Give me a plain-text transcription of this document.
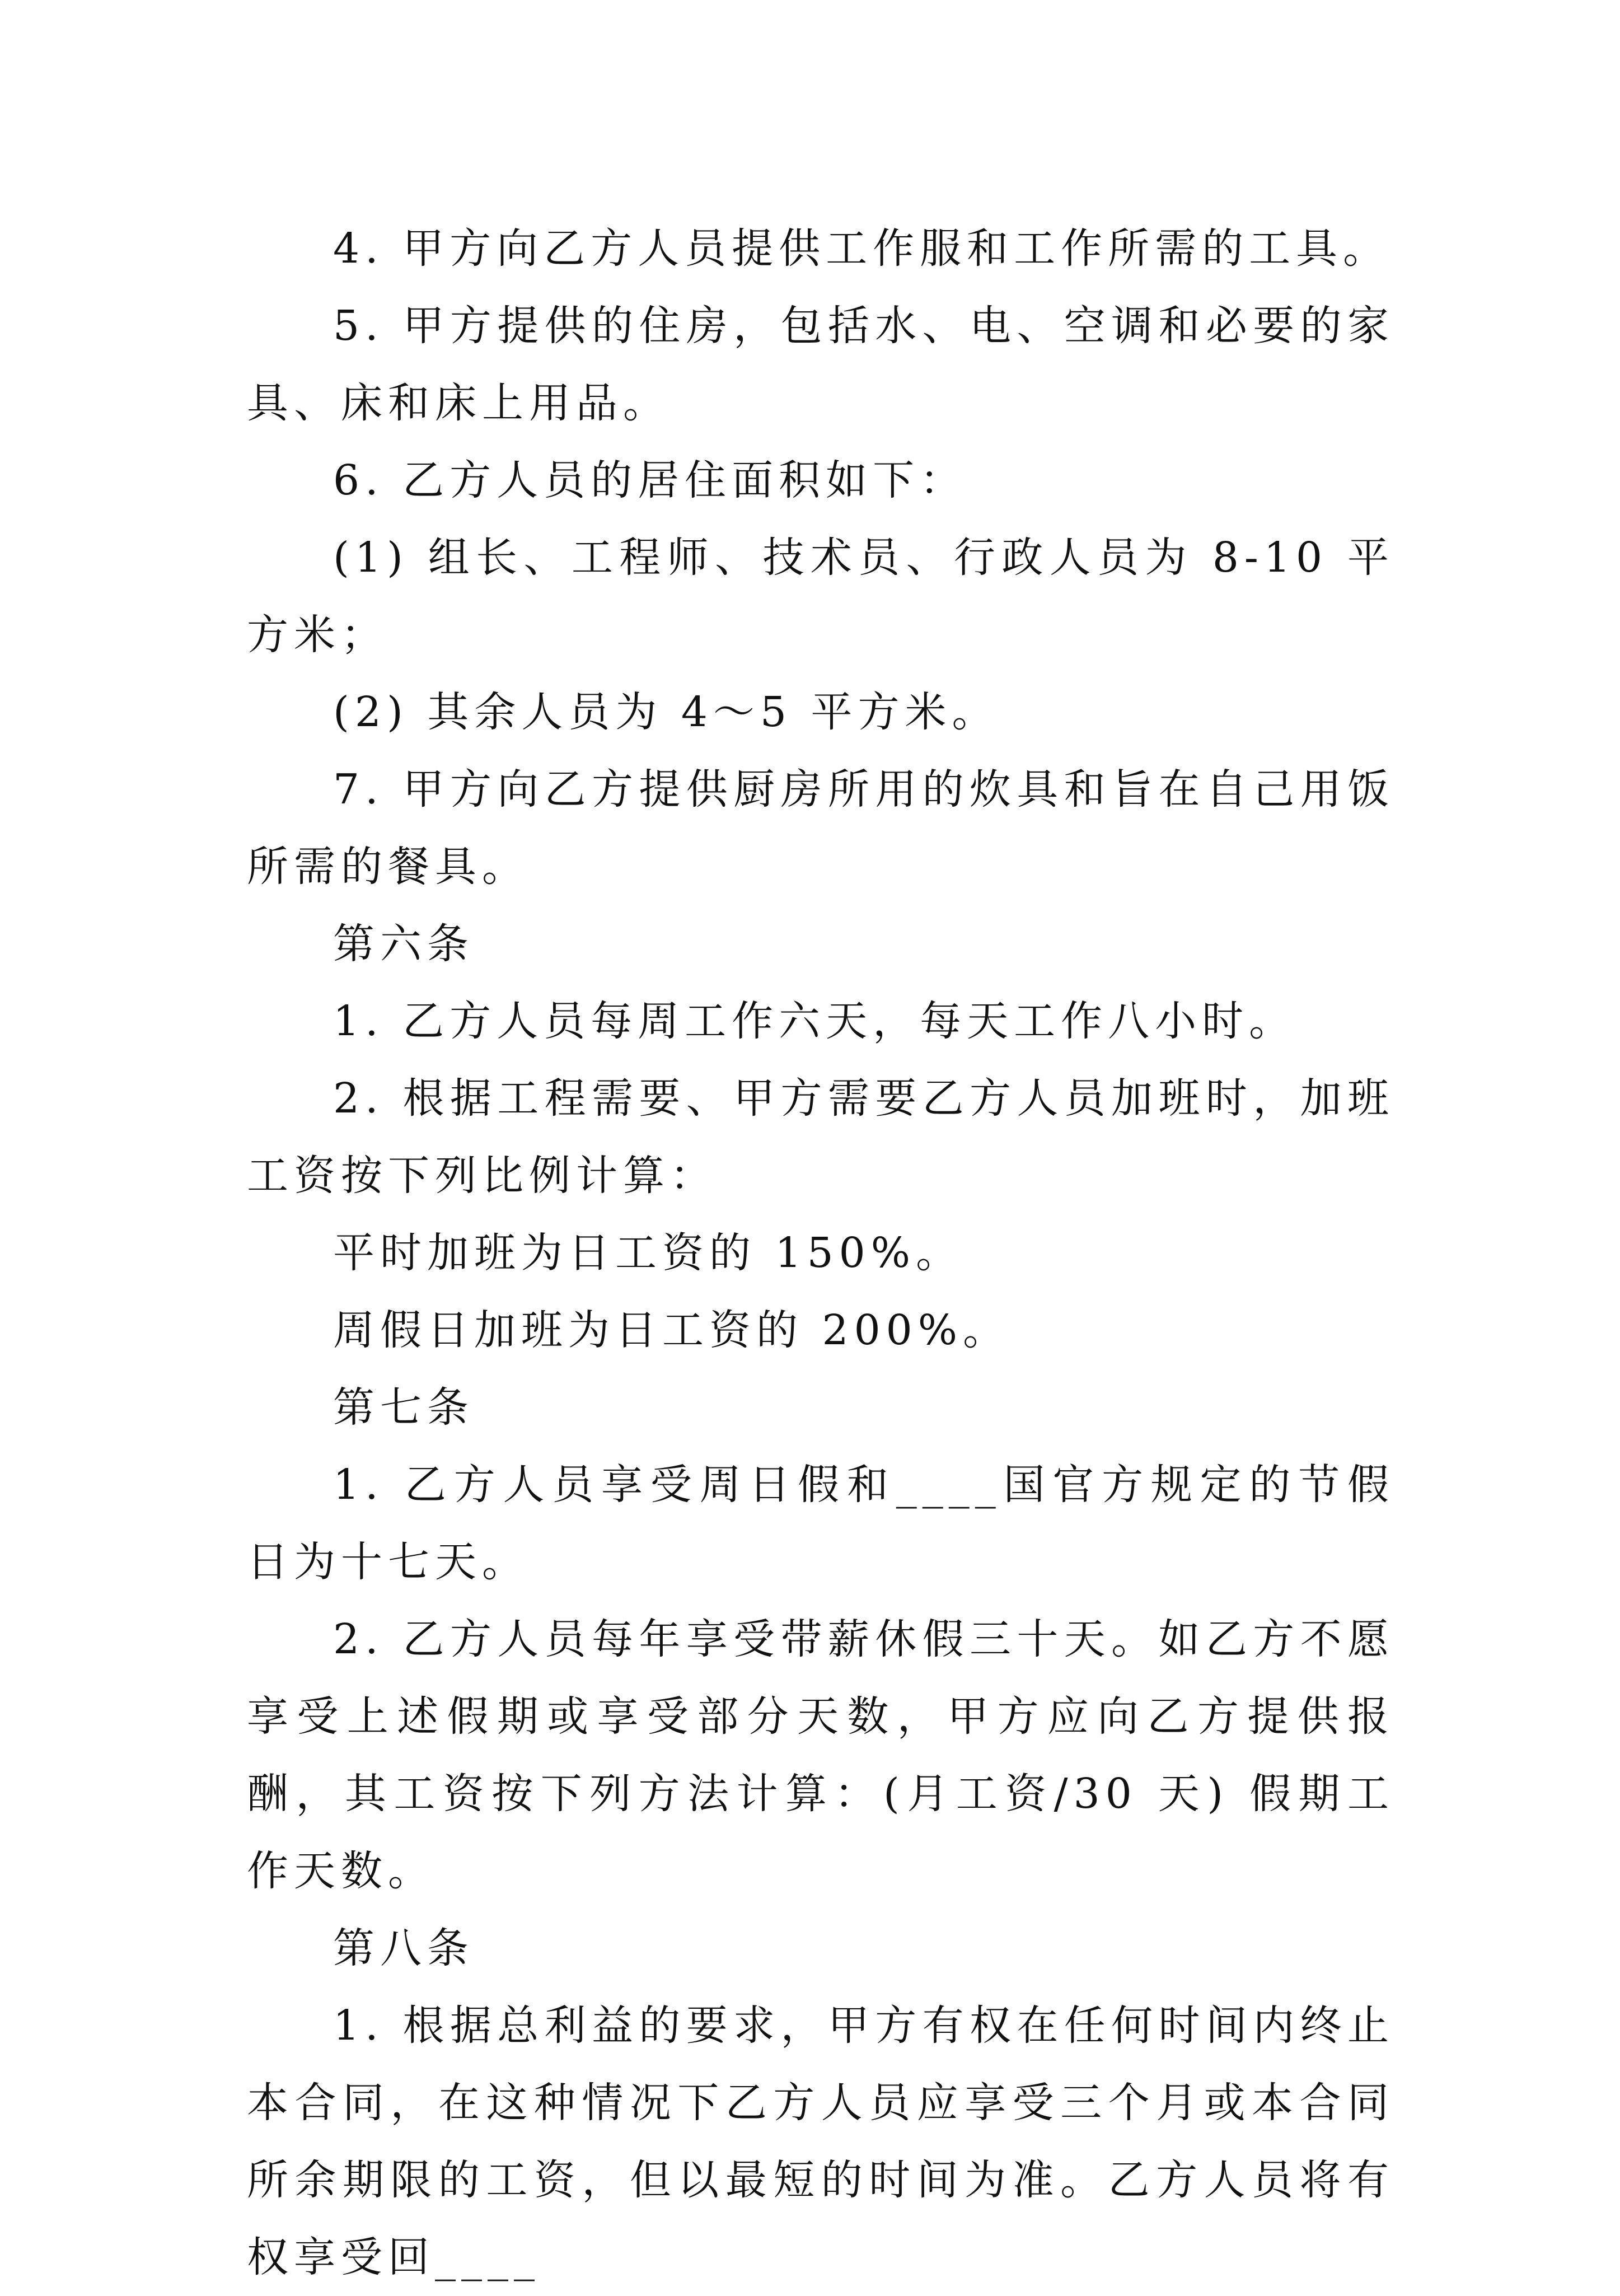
4. 甲方向乙方人员提供工作服和工作所需的工具。

5. 甲方提供的住房，包括水、电、空调和必要的家具、床和床上用品。

6. 乙方人员的居住面积如下：

(1) 组长、工程师、技术员、行政人员为 8-10 平方米；

(2) 其余人员为 4～5 平方米。

7. 甲方向乙方提供厨房所用的炊具和旨在自己用饭所需的餐具。

第六条

1. 乙方人员每周工作六天，每天工作八小时。

2. 根据工程需要、甲方需要乙方人员加班时，加班工资按下列比例计算：

平时加班为日工资的 150%。

周假日加班为日工资的 200%。

第七条

1. 乙方人员享受周日假和____国官方规定的节假日为十七天。

2. 乙方人员每年享受带薪休假三十天。如乙方不愿享受上述假期或享受部分天数，甲方应向乙方提供报酬，其工资按下列方法计算：(月工资/30 天) 假期工作天数。

第八条

1. 根据总利益的要求，甲方有权在任何时间内终止本合同，在这种情况下乙方人员应享受三个月或本合同所余期限的工资，但以最短的时间为准。乙方人员将有权享受回____
